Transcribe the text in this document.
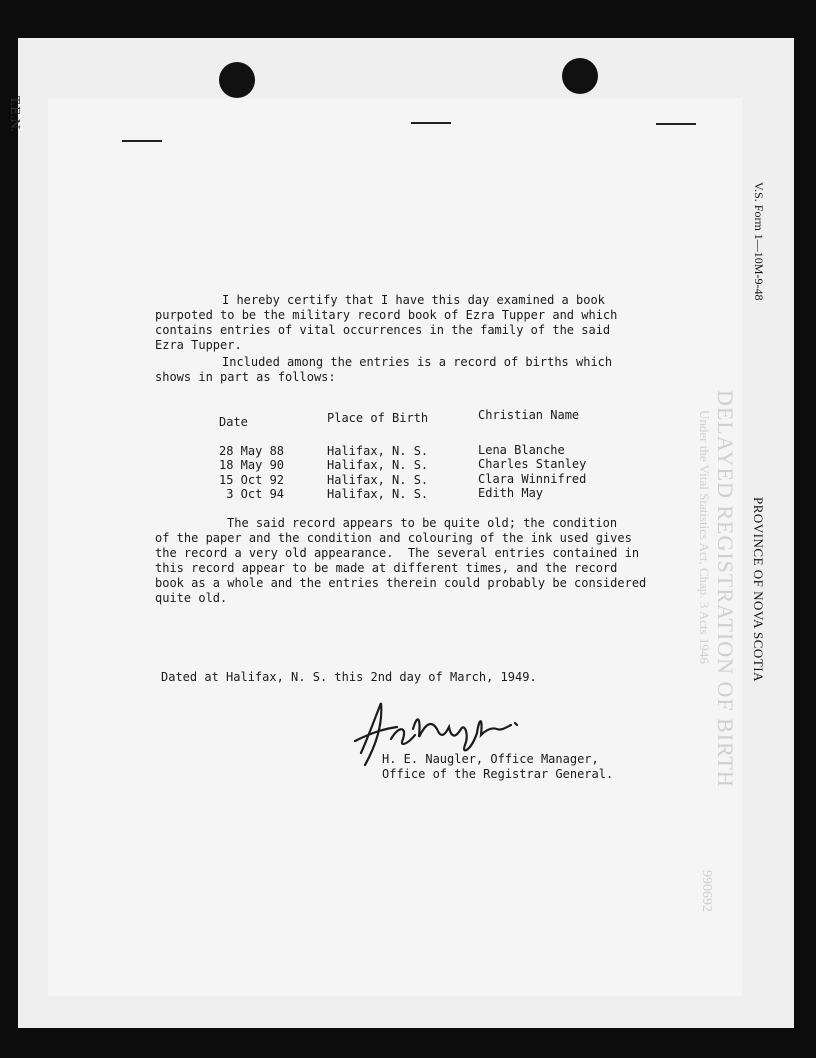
T.E.N.
V.S. Form 1—10M-9-48
PROVINCE OF NOVA SCOTIA
DELAYED REGISTRATION OF BIRTH
Under the Vital Statistics Act, Chap. 3 Acts 1946
990692
I hereby certify that I have this day examined a book
purpoted to be the military record book of Ezra Tupper and which
contains entries of vital occurrences in the family of the said
Ezra Tupper.
Included among the entries is a record of births which
shows in part as follows:
Date
28 May 88
18 May 90
15 Oct 92
3 Oct 94
Place of Birth
Halifax, N. S.
Halifax, N. S.
Halifax, N. S.
Halifax, N. S.
Christian Name
Lena Blanche
Charles Stanley
Clara Winnifred
Edith May
The said record appears to be quite old; the condition
of the paper and the condition and colouring of the ink used gives
the record a very old appearance.  The several entries contained in
this record appear to be made at different times, and the record
book as a whole and the entries therein could probably be considered
quite old.
Dated at Halifax, N. S. this 2nd day of March, 1949.
H. E. Naugler, Office Manager,
Office of the Registrar General.
